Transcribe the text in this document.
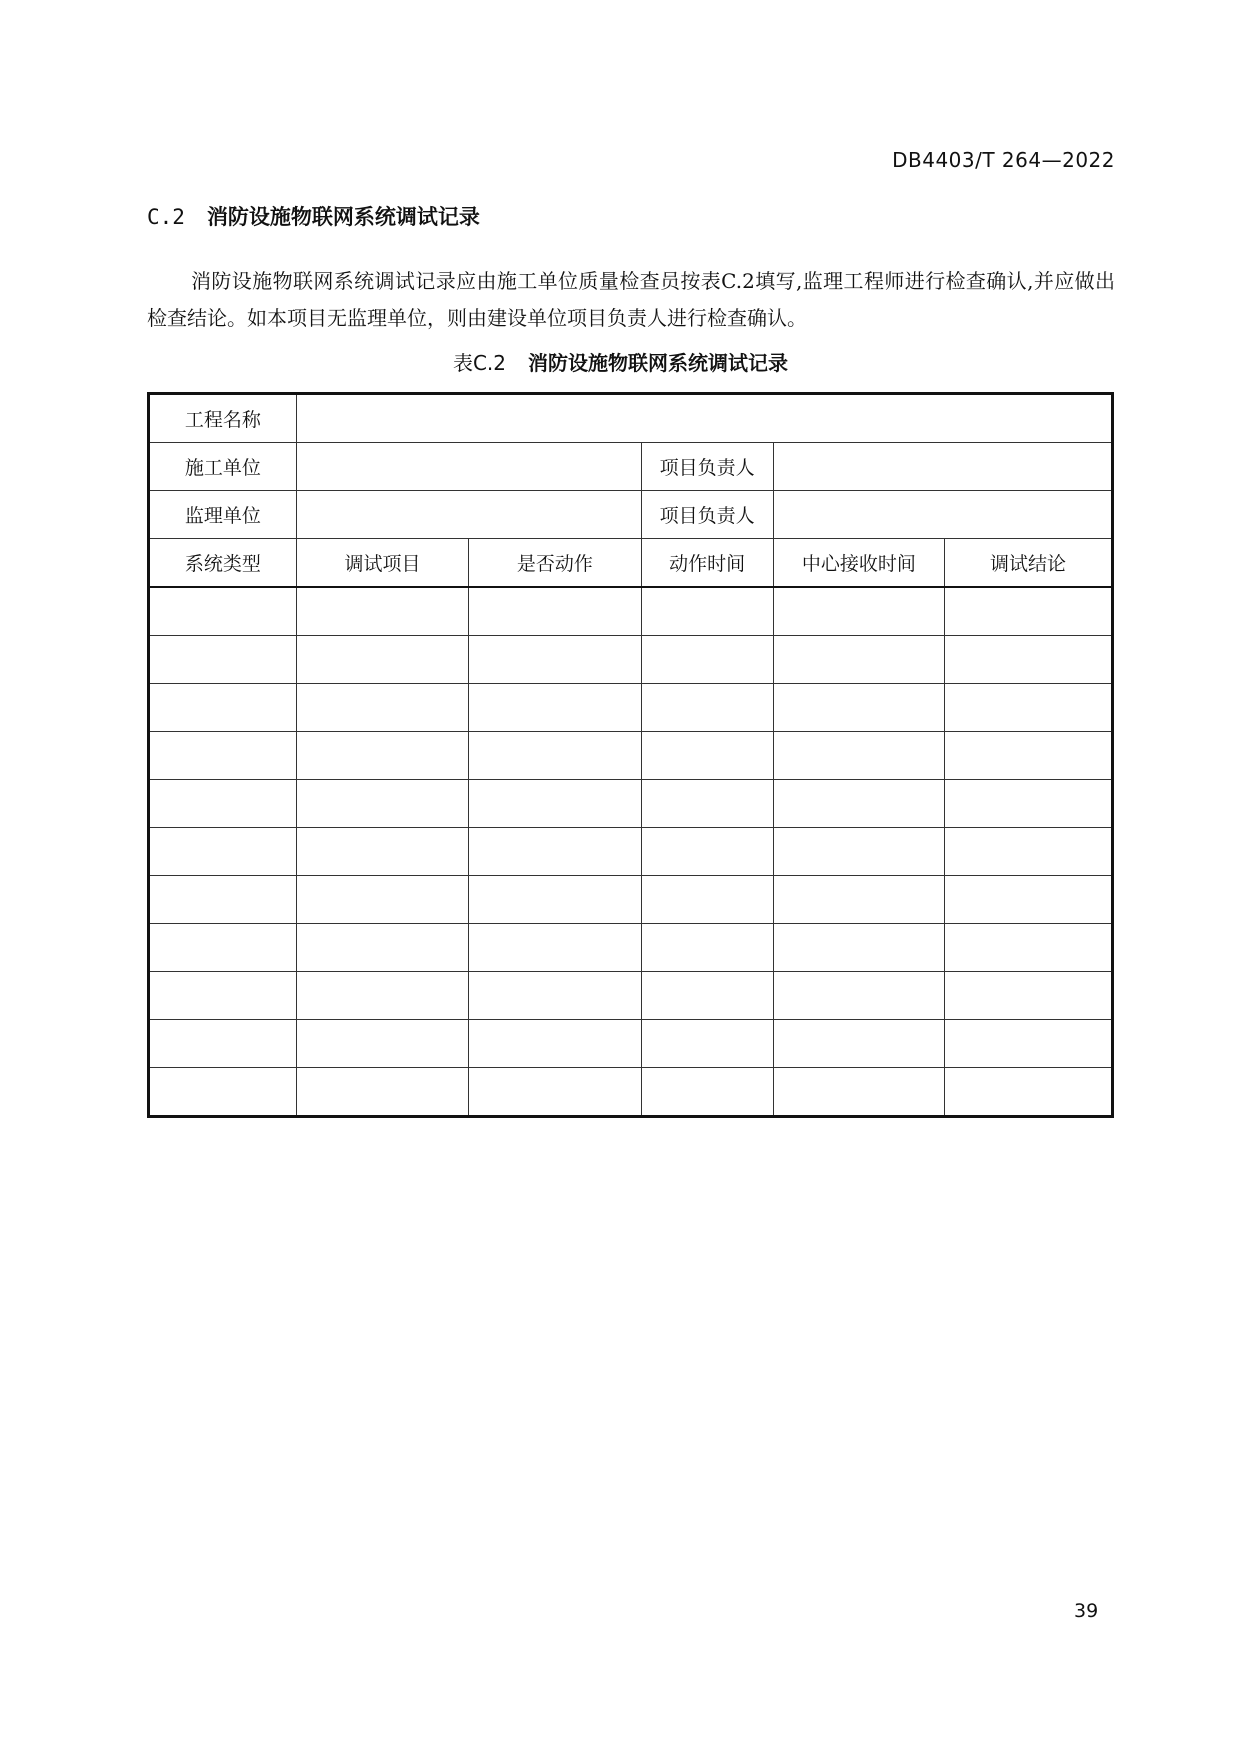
DB4403/T 264—2022
C.2 消防设施物联网系统调试记录
消防设施物联网系统调试记录应由施工单位质量检查员按表C.2填写,监理工程师进行检查确认,并应做出检查结论。如本项目无监理单位，则由建设单位项目负责人进行检查确认。
表C.2 消防设施物联网系统调试记录
工程名称					
施工单位			项目负责人		
监理单位			项目负责人		
系统类型	调试项目	是否动作	动作时间	中心接收时间	调试结论

39
